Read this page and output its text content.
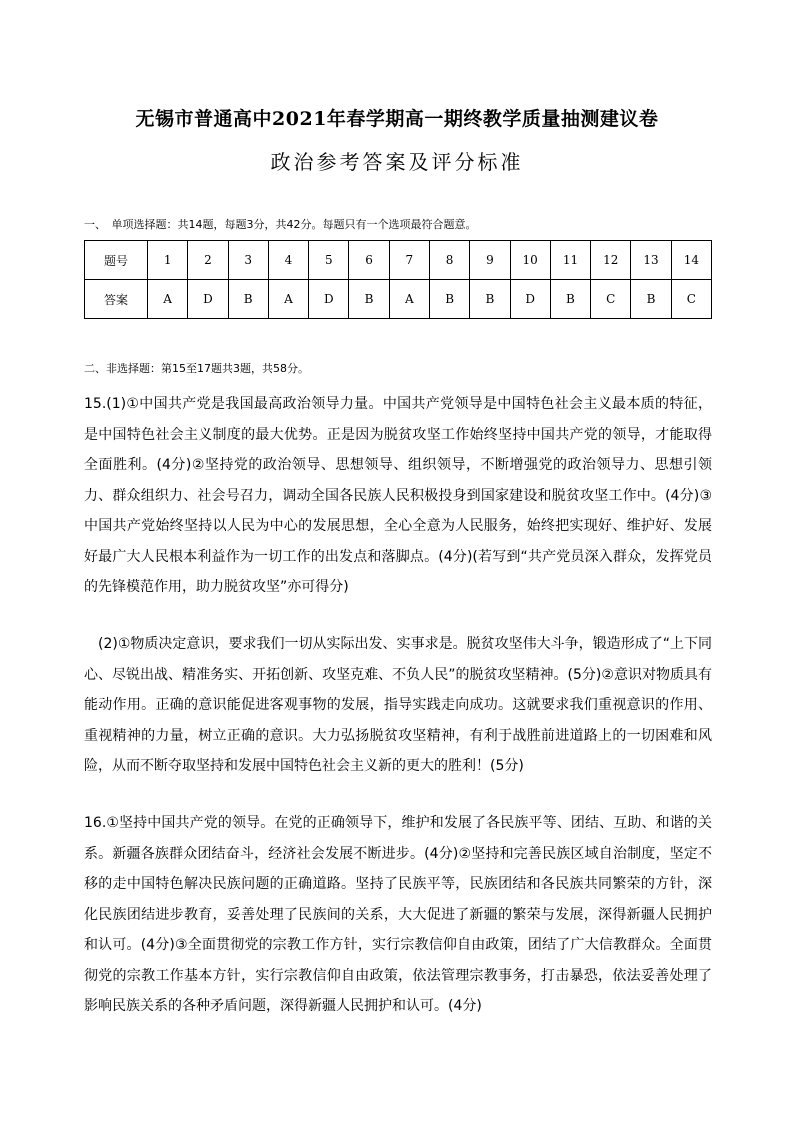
无锡市普通高中2021年春学期高一期终教学质量抽测建议卷
政治参考答案及评分标准
一、　单项选择题：共14题，每题3分，共42分。每题只有一个选项最符合题意。
题号	1	2	3	4	5	6	7	8	9	10	11	12	13	14
答案	A	D	B	A	D	B	A	B	B	D	B	C	B	C
二、非选择题：第15至17题共3题，共58分。
15.(1)①中国共产党是我国最高政治领导力量。中国共产党领导是中国特色社会主义最本质的特征，是中国特色社会主义制度的最大优势。正是因为脱贫攻坚工作始终坚持中国共产党的领导，才能取得全面胜利。(4分)②坚持党的政治领导、思想领导、组织领导，不断增强党的政治领导力、思想引领力、群众组织力、社会号召力，调动全国各民族人民积极投身到国家建设和脱贫攻坚工作中。(4分)③中国共产党始终坚持以人民为中心的发展思想，全心全意为人民服务，始终把实现好、维护好、发展好最广大人民根本利益作为一切工作的出发点和落脚点。(4分)(若写到“共产党员深入群众，发挥党员的先锋模范作用，助力脱贫攻坚”亦可得分)
(2)①物质决定意识，要求我们一切从实际出发、实事求是。脱贫攻坚伟大斗争，锻造形成了“上下同心、尽锐出战、精准务实、开拓创新、攻坚克难、不负人民”的脱贫攻坚精神。(5分)②意识对物质具有能动作用。正确的意识能促进客观事物的发展，指导实践走向成功。这就要求我们重视意识的作用、重视精神的力量，树立正确的意识。大力弘扬脱贫攻坚精神，有利于战胜前进道路上的一切困难和风险，从而不断夺取坚持和发展中国特色社会主义新的更大的胜利！(5分)
16.①坚持中国共产党的领导。在党的正确领导下，维护和发展了各民族平等、团结、互助、和谐的关系。新疆各族群众团结奋斗，经济社会发展不断进步。(4分)②坚持和完善民族区域自治制度，坚定不移的走中国特色解决民族问题的正确道路。坚持了民族平等，民族团结和各民族共同繁荣的方针，深化民族团结进步教育，妥善处理了民族间的关系，大大促进了新疆的繁荣与发展，深得新疆人民拥护和认可。(4分)③全面贯彻党的宗教工作方针，实行宗教信仰自由政策，团结了广大信教群众。全面贯彻党的宗教工作基本方针，实行宗教信仰自由政策，依法管理宗教事务，打击暴恐，依法妥善处理了影响民族关系的各种矛盾问题，深得新疆人民拥护和认可。(4分)
